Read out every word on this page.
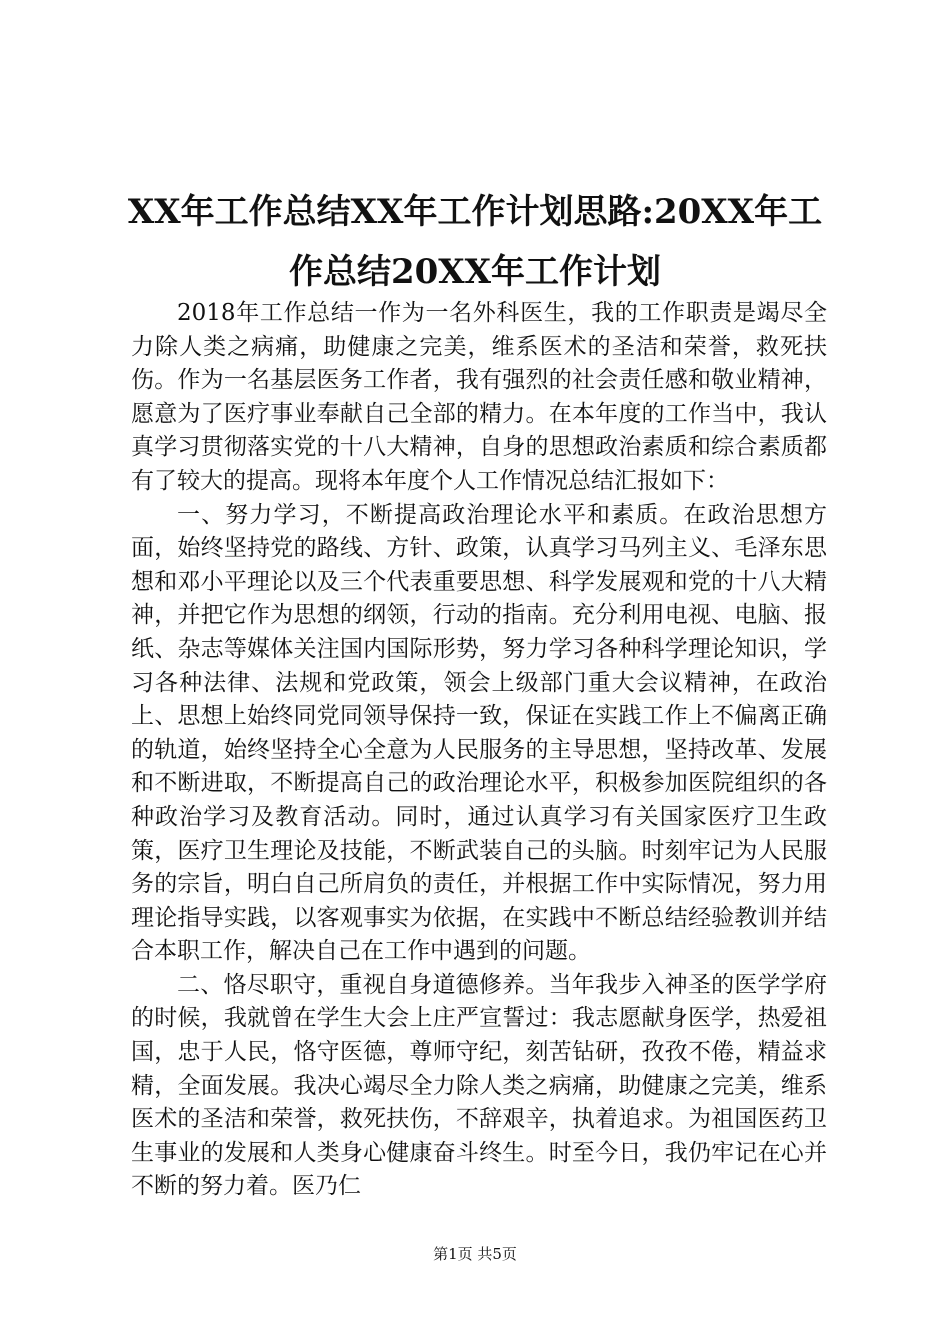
XX年工作总结XX年工作计划思路:20XX年工作总结20XX年工作计划

2018年工作总结一作为一名外科医生，我的工作职责是竭尽全力除人类之病痛，助健康之完美，维系医术的圣洁和荣誉，救死扶伤。作为一名基层医务工作者，我有强烈的社会责任感和敬业精神，愿意为了医疗事业奉献自己全部的精力。在本年度的工作当中，我认真学习贯彻落实党的十八大精神，自身的思想政治素质和综合素质都有了较大的提高。现将本年度个人工作情况总结汇报如下：

一、努力学习，不断提高政治理论水平和素质。在政治思想方面，始终坚持党的路线、方针、政策，认真学习马列主义、毛泽东思想和邓小平理论以及三个代表重要思想、科学发展观和党的十八大精神，并把它作为思想的纲领，行动的指南。充分利用电视、电脑、报纸、杂志等媒体关注国内国际形势，努力学习各种科学理论知识，学习各种法律、法规和党政策，领会上级部门重大会议精神，在政治上、思想上始终同党同领导保持一致，保证在实践工作上不偏离正确的轨道，始终坚持全心全意为人民服务的主导思想，坚持改革、发展和不断进取，不断提高自己的政治理论水平，积极参加医院组织的各种政治学习及教育活动。同时，通过认真学习有关国家医疗卫生政策，医疗卫生理论及技能，不断武装自己的头脑。时刻牢记为人民服务的宗旨，明白自己所肩负的责任，并根据工作中实际情况，努力用理论指导实践，以客观事实为依据，在实践中不断总结经验教训并结合本职工作，解决自己在工作中遇到的问题。

二、恪尽职守，重视自身道德修养。当年我步入神圣的医学学府的时候，我就曾在学生大会上庄严宣誓过：我志愿献身医学，热爱祖国，忠于人民，恪守医德，尊师守纪，刻苦钻研，孜孜不倦，精益求精，全面发展。我决心竭尽全力除人类之病痛，助健康之完美，维系医术的圣洁和荣誉，救死扶伤，不辞艰辛，执着追求。为祖国医药卫生事业的发展和人类身心健康奋斗终生。时至今日，我仍牢记在心并不断的努力着。医乃仁

第1页 共5页
